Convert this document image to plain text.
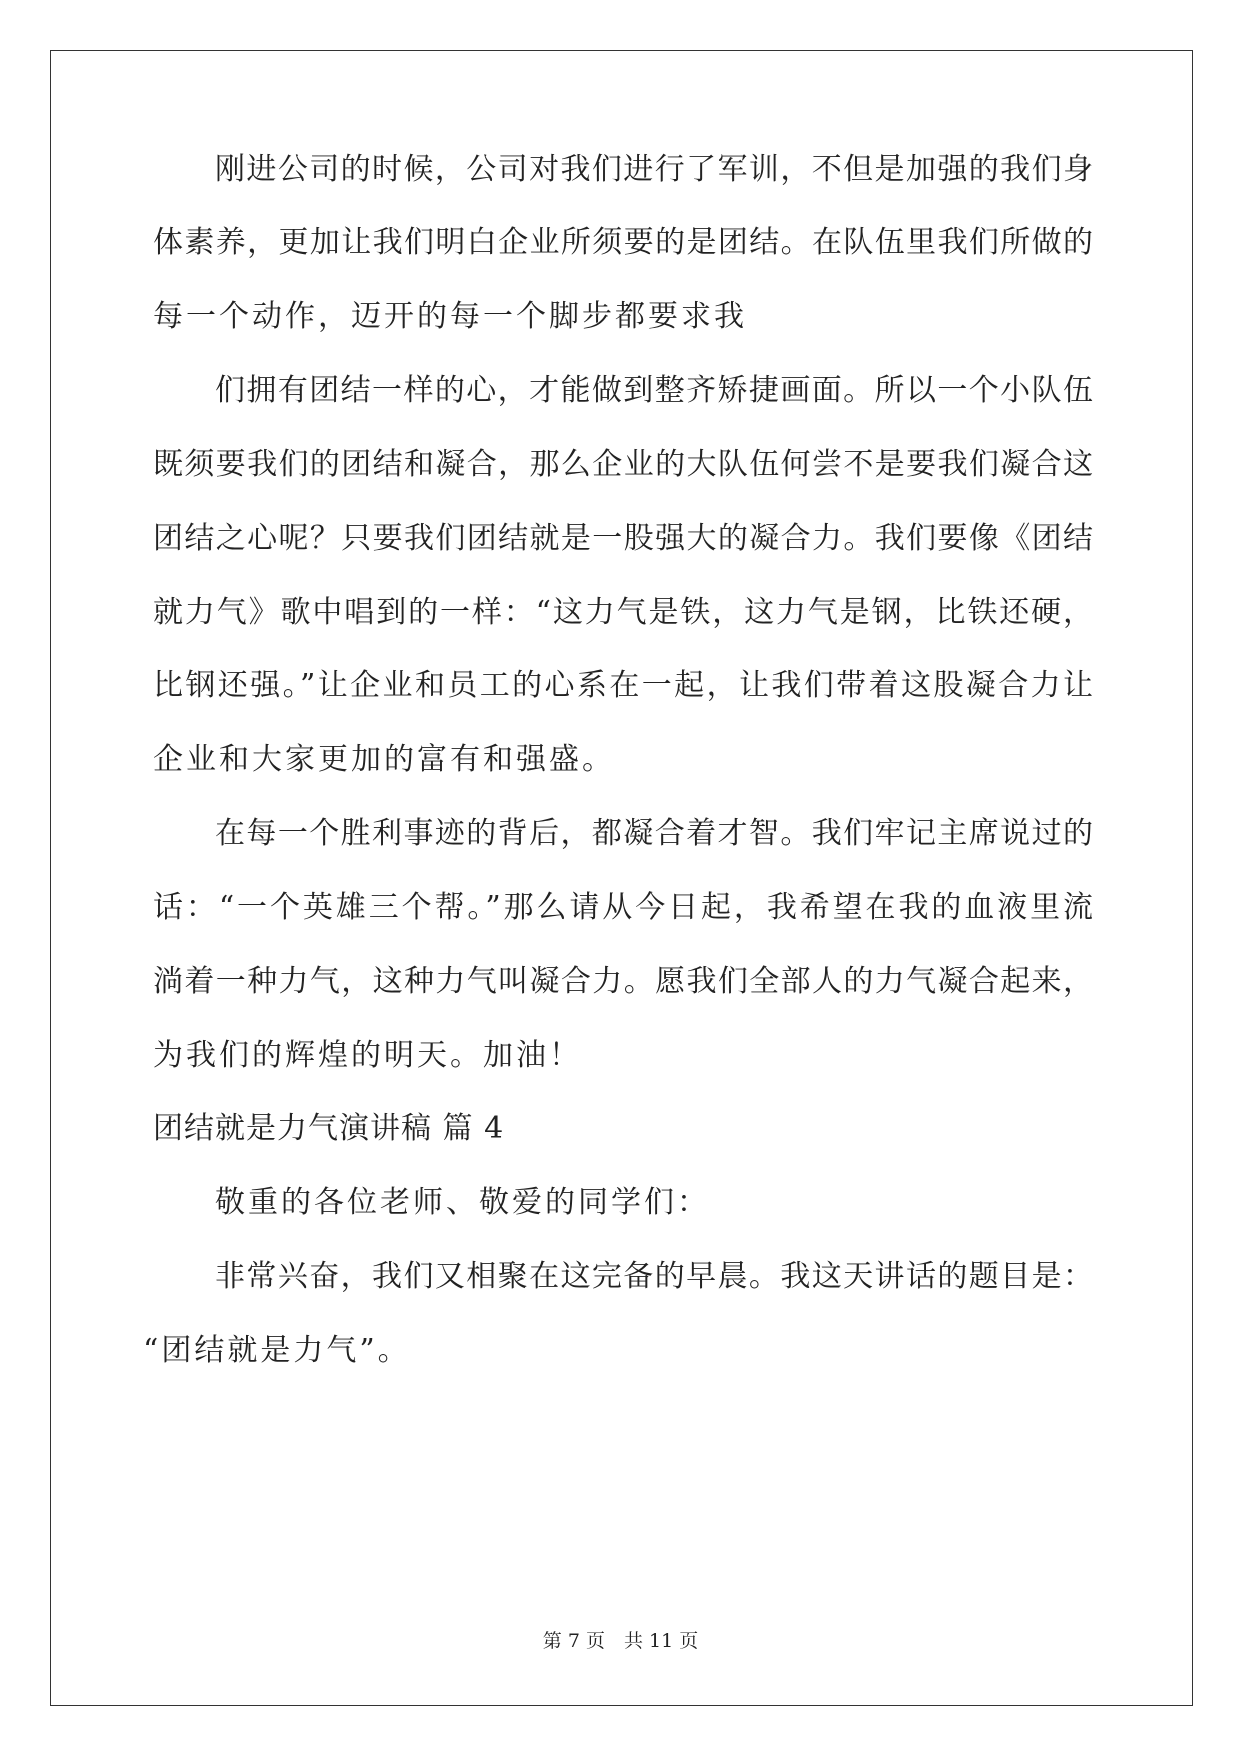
刚进公司的时候，公司对我们进行了军训，不但是加强的我们身
体素养，更加让我们明白企业所须要的是团结。在队伍里我们所做的
每一个动作，迈开的每一个脚步都要求我
们拥有团结一样的心，才能做到整齐矫捷画面。所以一个小队伍
既须要我们的团结和凝合，那么企业的大队伍何尝不是要我们凝合这
团结之心呢？只要我们团结就是一股强大的凝合力。我们要像《团结
就力气》歌中唱到的一样：“这力气是铁，这力气是钢，比铁还硬，
比钢还强。”让企业和员工的心系在一起，让我们带着这股凝合力让
企业和大家更加的富有和强盛。
在每一个胜利事迹的背后，都凝合着才智。我们牢记主席说过的
话：“一个英雄三个帮。”那么请从今日起，我希望在我的血液里流
淌着一种力气，这种力气叫凝合力。愿我们全部人的力气凝合起来，
为我们的辉煌的明天。加油！
团结就是力气演讲稿 篇 4
敬重的各位老师、敬爱的同学们：
非常兴奋，我们又相聚在这完备的早晨。我这天讲话的题目是：
“团结就是力气”。
第 7 页　共 11 页
